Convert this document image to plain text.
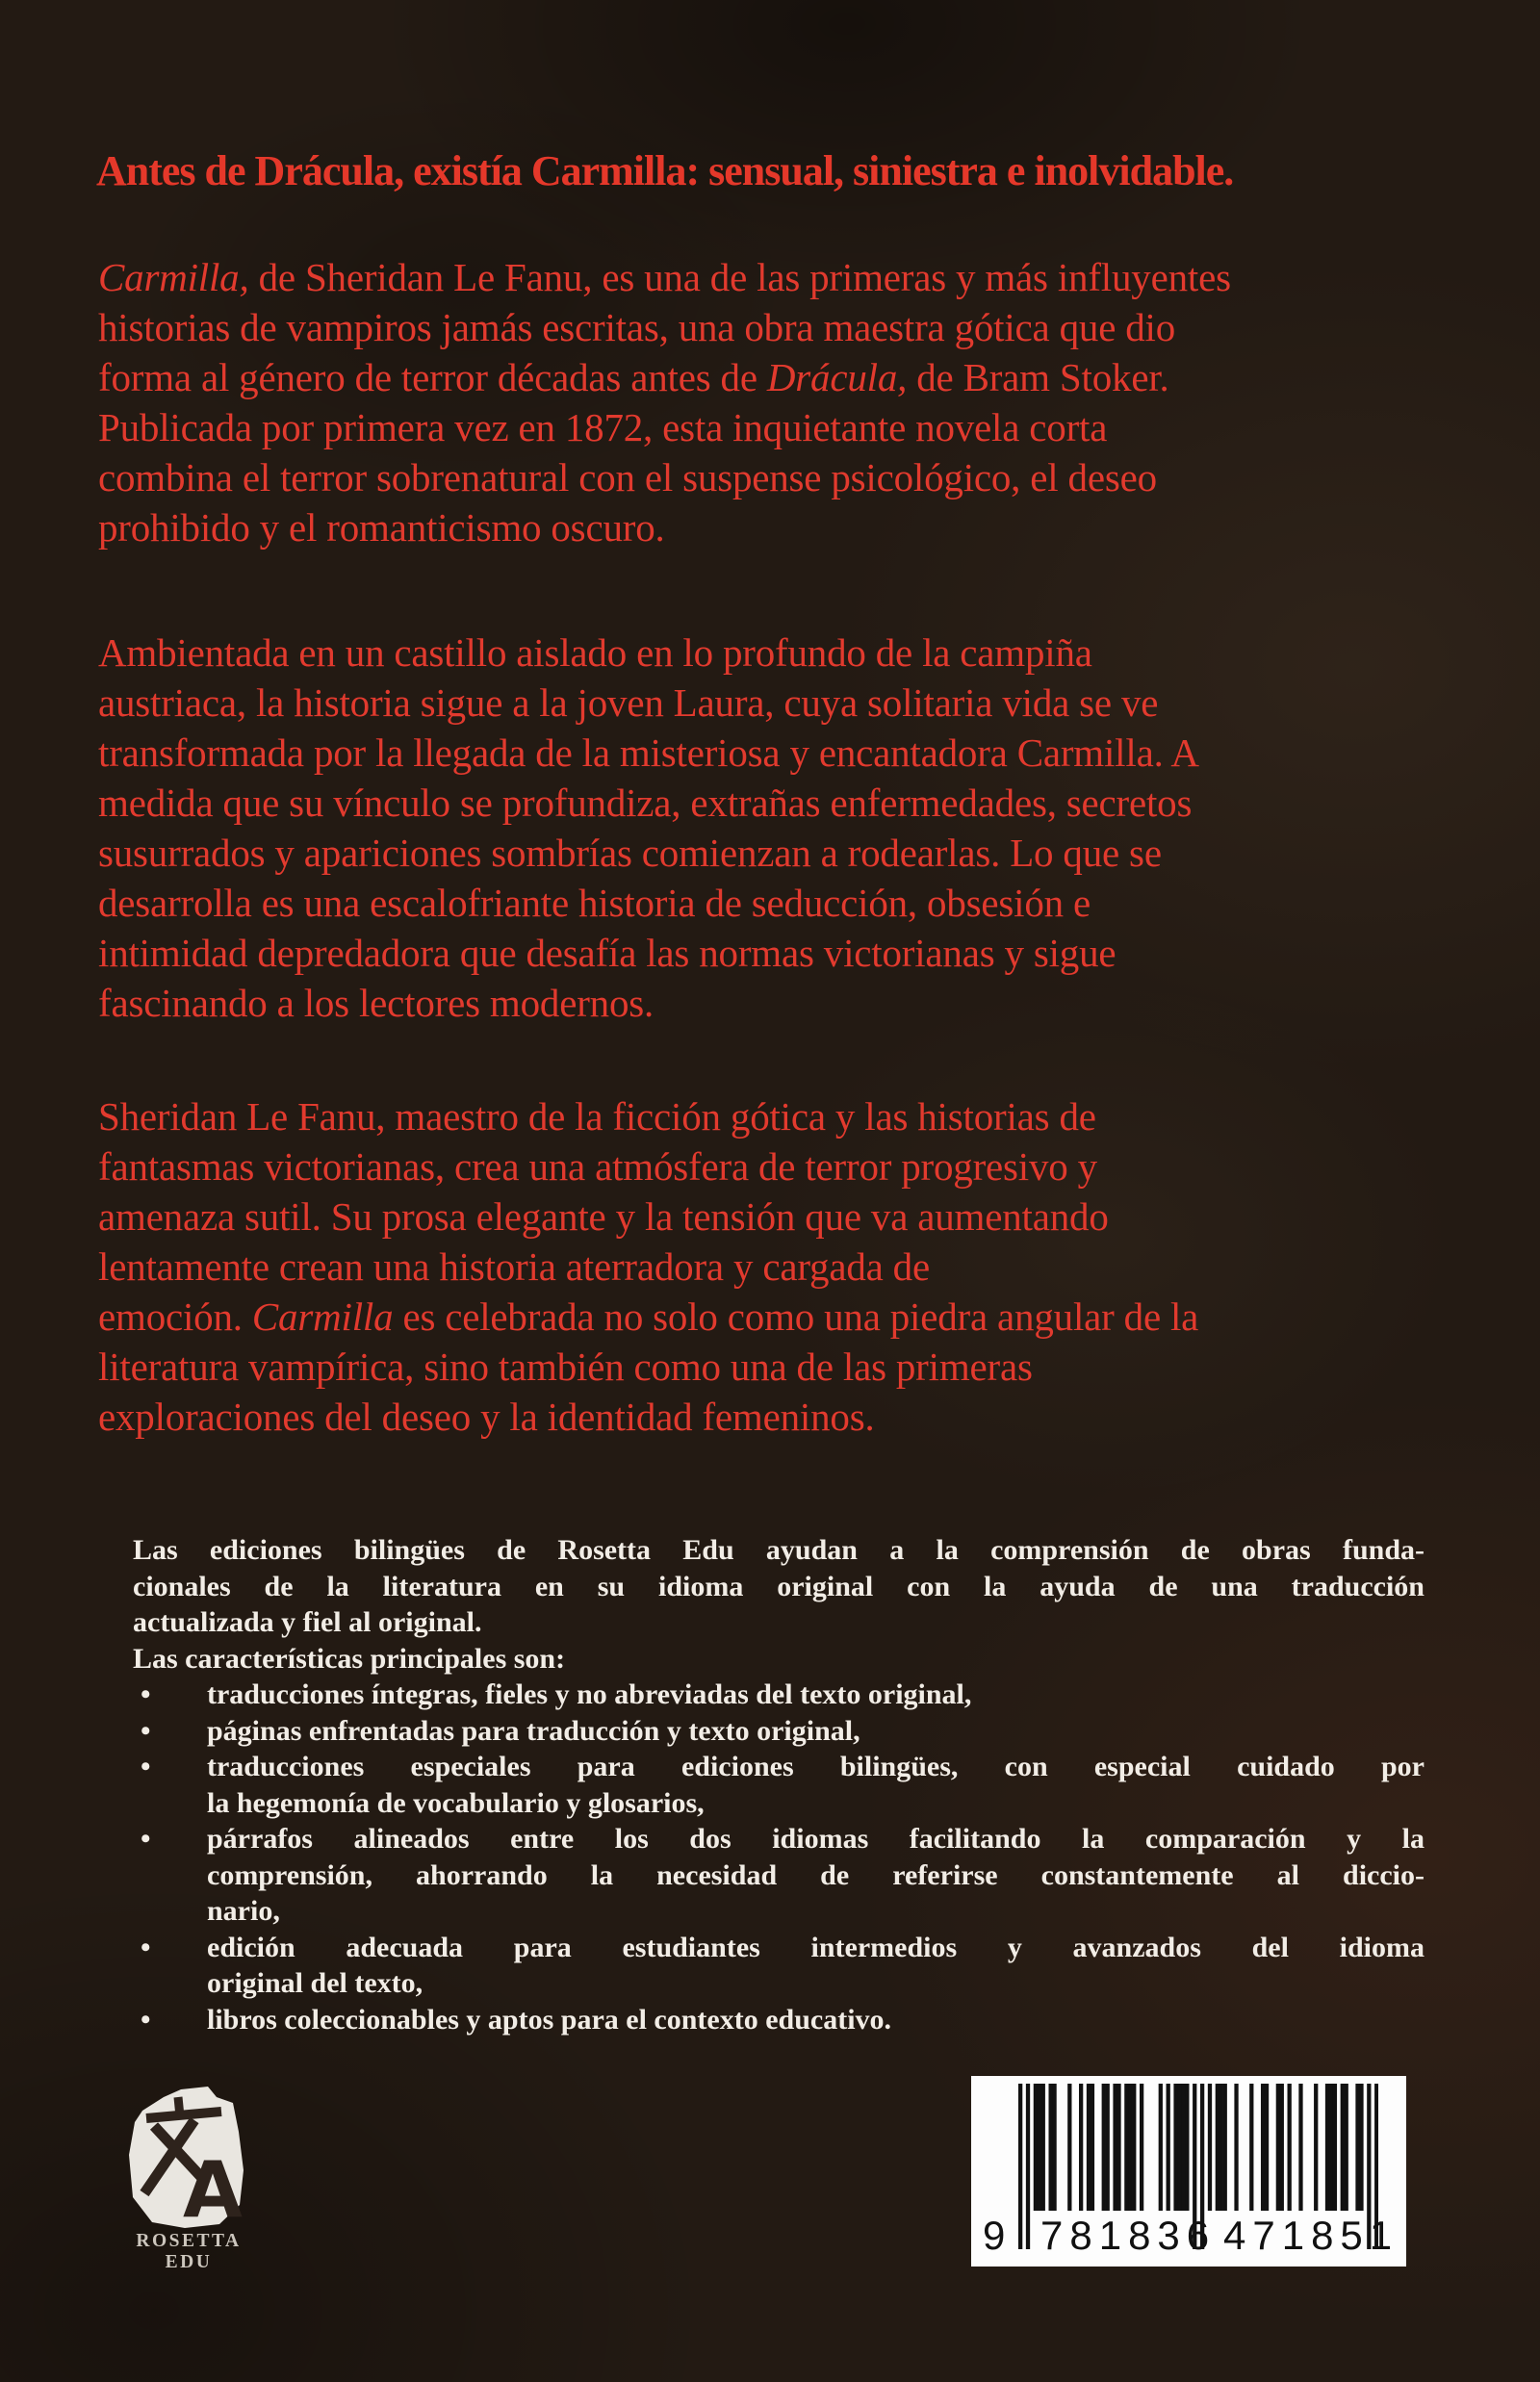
Antes de Drácula, existía Carmilla: sensual, siniestra e inolvidable.
Carmilla, de Sheridan Le Fanu, es una de las primeras y más influyentes
historias de vampiros jamás escritas, una obra maestra gótica que dio
forma al género de terror décadas antes de Drácula, de Bram Stoker.
Publicada por primera vez en 1872, esta inquietante novela corta
combina el terror sobrenatural con el suspense psicológico, el deseo
prohibido y el romanticismo oscuro.
Ambientada en un castillo aislado en lo profundo de la campiña
austriaca, la historia sigue a la joven Laura, cuya solitaria vida se ve
transformada por la llegada de la misteriosa y encantadora Carmilla. A
medida que su vínculo se profundiza, extrañas enfermedades, secretos
susurrados y apariciones sombrías comienzan a rodearlas. Lo que se
desarrolla es una escalofriante historia de seducción, obsesión e
intimidad depredadora que desafía las normas victorianas y sigue
fascinando a los lectores modernos.
Sheridan Le Fanu, maestro de la ficción gótica y las historias de
fantasmas victorianas, crea una atmósfera de terror progresivo y
amenaza sutil. Su prosa elegante y la tensión que va aumentando
lentamente crean una historia aterradora y cargada de
emoción. Carmilla es celebrada no solo como una piedra angular de la
literatura vampírica, sino también como una de las primeras
exploraciones del deseo y la identidad femeninos.
Las ediciones bilingües de Rosetta Edu ayudan a la comprensión de obras funda-
cionales de la literatura en su idioma original con la ayuda de una traducción
actualizada y fiel al original.
Las características principales son:
• traducciones íntegras, fieles y no abreviadas del texto original,
• páginas enfrentadas para traducción y texto original,
• traducciones especiales para ediciones bilingües, con especial cuidado por
la hegemonía de vocabulario y glosarios,
• párrafos alineados entre los dos idiomas facilitando la comparación y la
comprensión, ahorrando la necesidad de referirse constantemente al diccio-
nario,
• edición adecuada para estudiantes intermedios y avanzados del idioma
original del texto,
• libros coleccionables y aptos para el contexto educativo.
A
ROSETTA EDU
9 781836 471851
